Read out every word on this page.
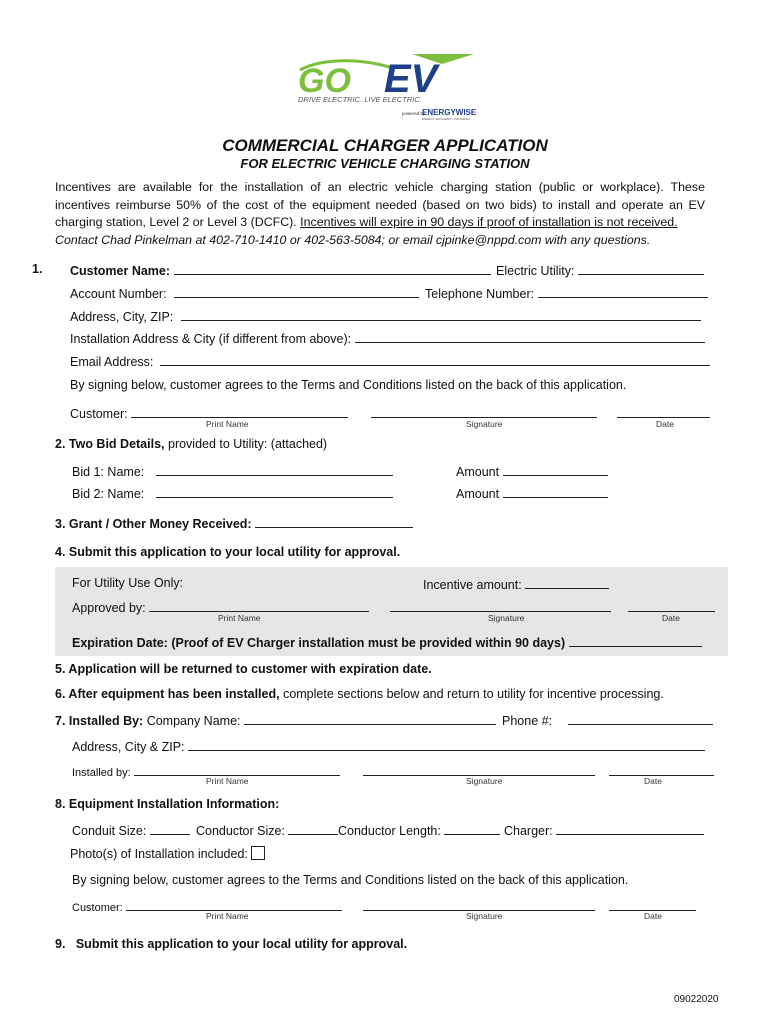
GO EV
DRIVE ELECTRIC. LIVE ELECTRIC.
powered by
ENERGYWISE
ENERGY EFFICIENCY PROGRAM
COMMERCIAL CHARGER APPLICATION
FOR ELECTRIC VEHICLE CHARGING STATION
Incentives are available for the installation of an electric vehicle charging station (public or workplace). These incentives reimburse 50% of the cost of the equipment needed (based on two bids) to install and operate an EV charging station, Level 2 or Level 3 (DCFC). Incentives will expire in 90 days if proof of installation is not received.
Contact Chad Pinkelman at 402-710-1410 or 402-563-5084; or email cjpinke@nppd.com with any questions.
1. Customer Name:	Electric Utility:
Account Number:	Telephone Number:
Address, City, ZIP:
Installation Address & City (if different from above):
Email Address:
By signing below, customer agrees to the Terms and Conditions listed on the back of this application.
Customer:
Print Name	Signature	Date
2. Two Bid Details, provided to Utility: (attached)
Bid 1: Name:	Amount
Bid 2: Name:	Amount
3. Grant / Other Money Received:
4. Submit this application to your local utility for approval.
For Utility Use Only:	Incentive amount:
Approved by:
Print Name	Signature	Date
Expiration Date: (Proof of EV Charger installation must be provided within 90 days)
5. Application will be returned to customer with expiration date.
6. After equipment has been installed, complete sections below and return to utility for incentive processing.
7. Installed By: Company Name:	Phone #:
Address, City & ZIP:
Installed by:
Print Name	Signature	Date
8. Equipment Installation Information:
Conduit Size:	Conductor Size:	Conductor Length:	Charger:
Photo(s) of Installation included:
By signing below, customer agrees to the Terms and Conditions listed on the back of this application.
Customer:
Print Name	Signature	Date
9.   Submit this application to your local utility for approval.
09022020
